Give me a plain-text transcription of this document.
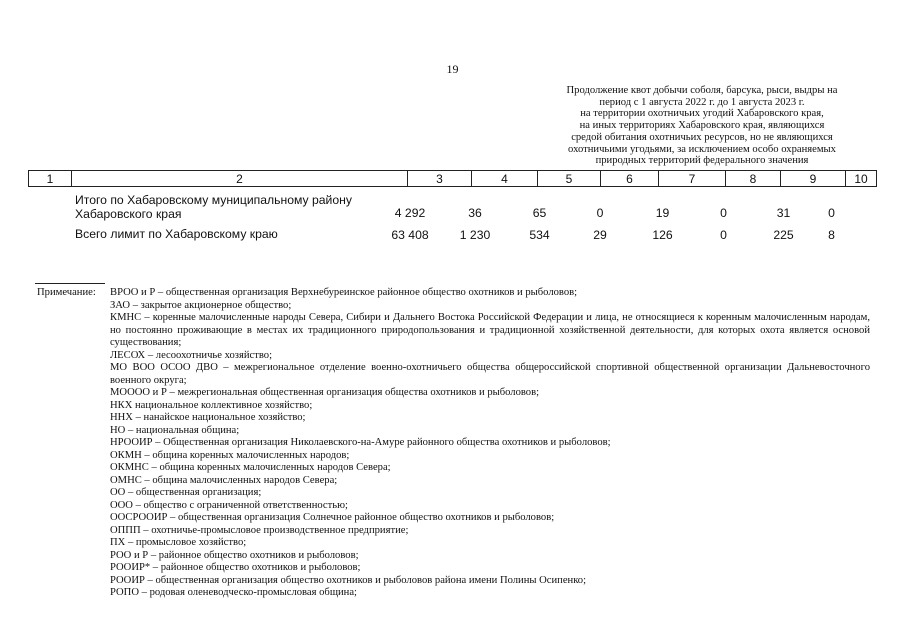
19
Продолжение квот добычи соболя, барсука, рыси, выдры на
период с 1 августа 2022 г. до 1 августа 2023 г.
на территории охотничьих угодий Хабаровского края,
на иных территориях Хабаровского края, являющихся
средой обитания охотничьих ресурсов, но не являющихся
охотничьими угодьями, за исключением особо охраняемых
природных территорий федерального значения
1	2	3	4	5	6	7	8	9	10
Итого по Хабаровскому муниципальному району Хабаровского края	4 292	36	65	0	19	0	31	0
Всего лимит по Хабаровскому краю	63 408	1 230	534	29	126	0	225	8
Примечание: ВРОО и Р – общественная организация Верхнебуреинское районное общество охотников и рыболовов;
ЗАО – закрытое акционерное общество;
КМНС – коренные малочисленные народы Севера, Сибири и Дальнего Востока Российской Федерации и лица, не относящиеся к коренным малочисленным народам, но постоянно проживающие в местах их традиционного природопользования и традиционной хозяйственной деятельности, для которых охота является основой существования;
ЛЕСОХ – лесоохотничье хозяйство;
МО ВОО ОСОО ДВО – межрегиональное отделение военно-охотничьего общества общероссийской спортивной общественной организации Дальневосточного военного округа;
МОООО и Р – межрегиональная общественная организация общества охотников и рыболовов;
НКХ национальное коллективное хозяйство;
ННХ – нанайское национальное хозяйство;
НО – национальная община;
НРООИР – Общественная организация Николаевского-на-Амуре районного общества охотников и рыболовов;
ОКМН – община коренных малочисленных народов;
ОКМНС – община коренных малочисленных народов Севера;
ОМНС – община малочисленных народов Севера;
ОО – общественная организация;
ООО – общество с ограниченной ответственностью;
ООСРООИР – общественная организация Солнечное районное общество охотников и рыболовов;
ОППП – охотничье-промысловое производственное предприятие;
ПХ – промысловое хозяйство;
РОО и Р – районное общество охотников и рыболовов;
РООИР* – районное общество охотников и рыболовов;
РООИР – общественная организация общество охотников и рыболовов района имени Полины Осипенко;
РОПО – родовая оленеводческо-промысловая община;
